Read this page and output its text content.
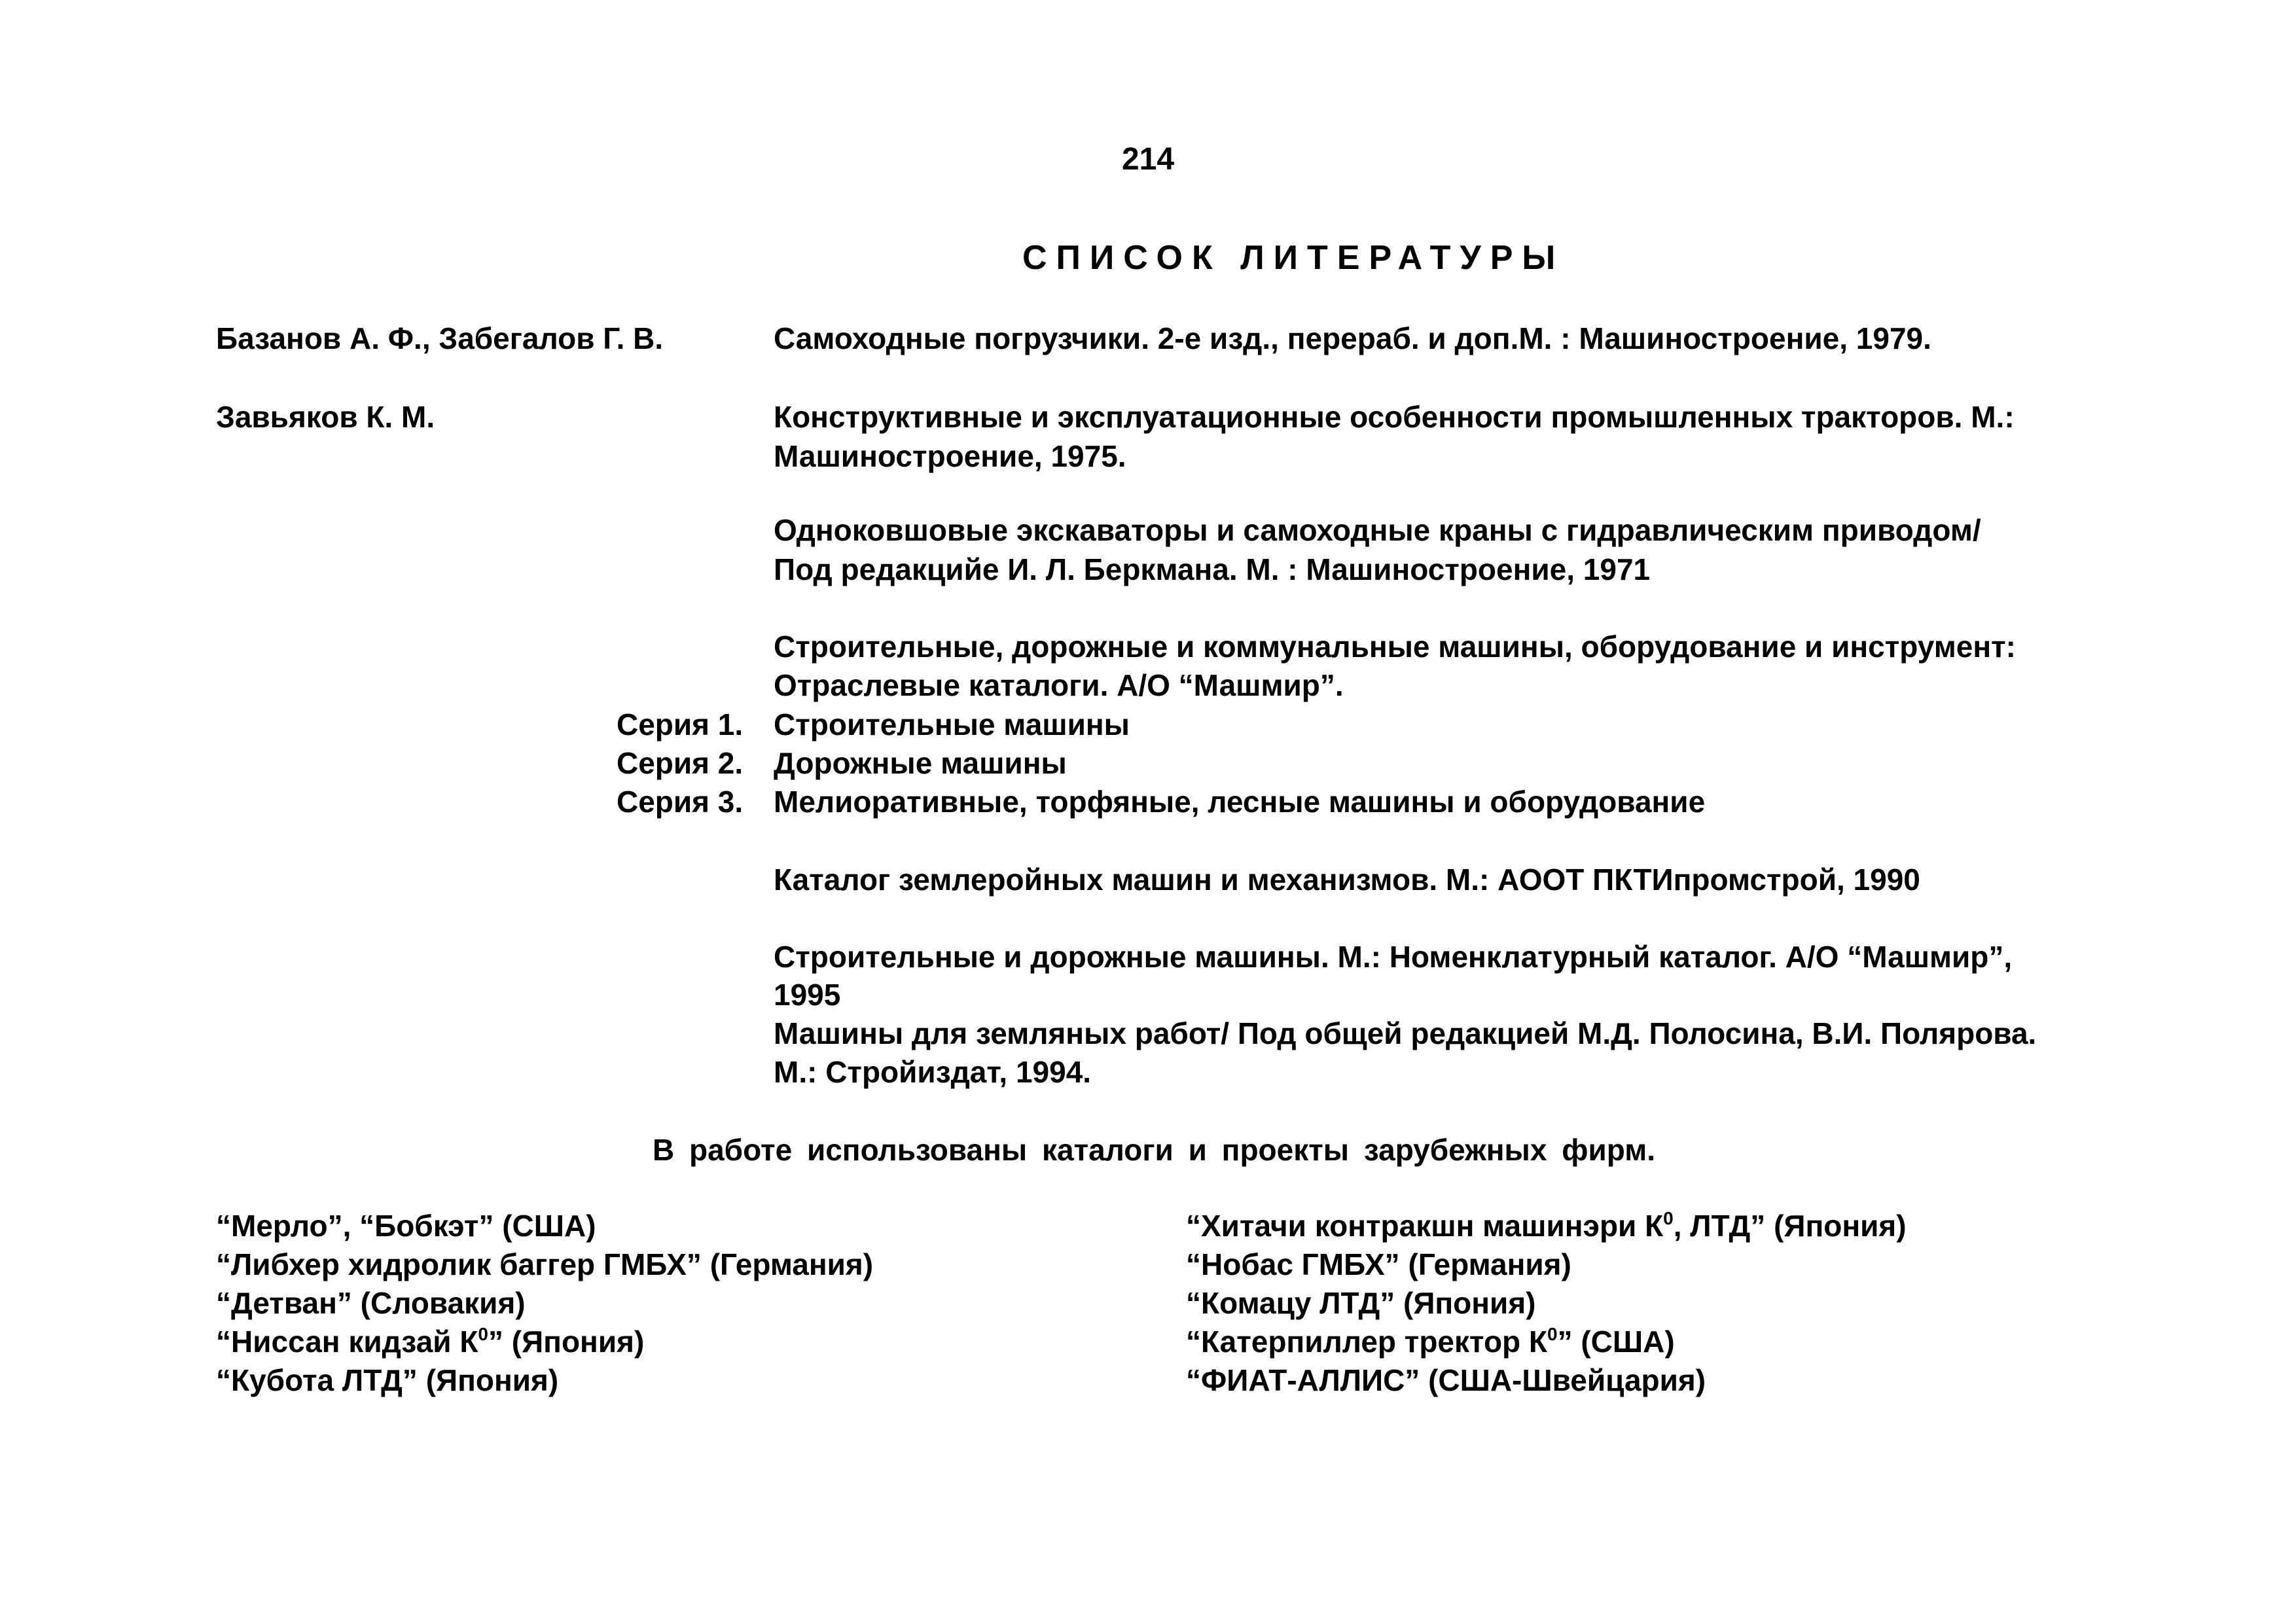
214
СПИСОК ЛИТЕРАТУРЫ
Базанов А. Ф., Забегалов Г. В.	Самоходные погрузчики. 2-е изд., перераб. и доп.М. : Машиностроение, 1979.
Завьяков К. М.	Конструктивные и эксплуатационные особенности промышленных тракторов. М.:
Машиностроение, 1975.
Одноковшовые экскаваторы и самоходные краны с гидравлическим приводом/
Под редакцийе И. Л. Беркмана. М. : Машиностроение, 1971
Строительные, дорожные и коммунальные машины, оборудование и инструмент:
Отраслевые каталоги. А/О “Машмир”.
Серия 1. Строительные машины
Серия 2. Дорожные машины
Серия 3. Мелиоративные, торфяные, лесные машины и оборудование
Каталог землеройных машин и механизмов. М.: АООТ ПКТИпромстрой, 1990
Строительные и дорожные машины. М.: Номенклатурный каталог. А/О “Машмир”,
1995
Машины для земляных работ/ Под общей редакцией М.Д. Полосина, В.И. Полярова.
М.: Стройиздат, 1994.
В работе использованы каталоги и проекты зарубежных фирм.
“Мерло”, “Бобкэт” (США)
“Либхер хидролик баггер ГМБХ” (Германия)
“Детван” (Словакия)
“Ниссан кидзай $К^0$” (Япония)
“Кубота ЛТД” (Япония)
“Хитачи контракшн машинэри $К^0$, ЛТД” (Япония)
“Нобас ГМБХ” (Германия)
“Комацу ЛТД” (Япония)
“Катерпиллер тректор $К^0$” (США)
“ФИАТ-АЛЛИС” (США-Швейцария)
